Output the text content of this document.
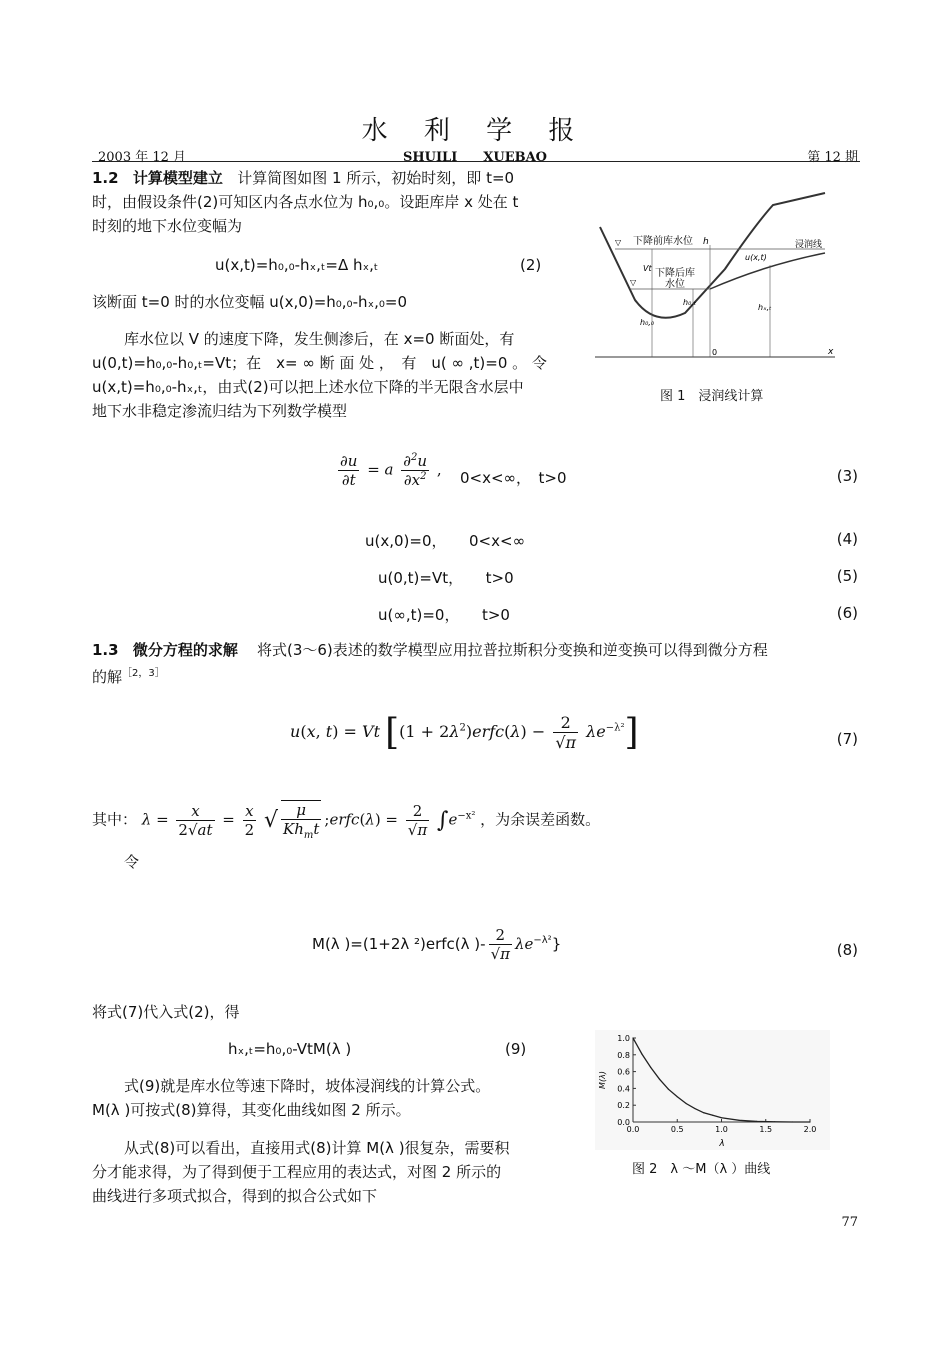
水 利 学 报
2003 年 12 月	SHUILI　　XUEBAO	第 12 期
1.2 计算模型建立 计算简图如图 1 所示，初始时刻，即 t=0
时，由假设条件(2)可知区内各点水位为 h₀,₀。设距库岸 x 处在 t
时刻的地下水位变幅为
u(x,t)=h₀,₀-hₓ,ₜ=Δ hₓ,ₜ	(2)
该断面 t=0 时的水位变幅 u(x,0)=h₀,₀-hₓ,₀=0
库水位以 V 的速度下降，发生侧渗后，在 x=0 断面处，有
u(0,t)=h₀,₀-h₀,ₜ=Vt；在　x= ∞ 断 面 处 ，　有　u( ∞ ,t)=0 。 令
u(x,t)=h₀,₀-hₓ,ₜ，由式(2)可以把上述水位下降的半无限含水层中
地下水非稳定渗流归结为下列数学模型
▽ 下降前库水位 h
▽
下降后库
水位
Vt
u(x,t)
浸润线
h₀,₀
h₀,ₜ
hₓ,ₜ
0	x
图 1　浸润线计算
$\frac{\partial u}{\partial t} = a \frac{\partial^2u}{\partial x^2}$ , 0<x<∞，　t>0	(3)
u(x,0)=0，　　0<x<∞	(4)
u(0,t)=Vt，　　t>0	(5)
u(∞,t)=0，　　t>0	(6)
1.3 微分方程的求解 将式(3～6)表述的数学模型应用拉普拉斯积分变换和逆变换可以得到微分方程
的解$^{[2,3]}$
u(x, t) = Vt $[(1 + 2\lambda^2)erfc(\lambda) - \frac{2}{√\pi} \lambda e^{-\lambda^2}]$	(7)
其中： $\lambda = \frac{x}{2√at} = \frac{x}{2}$ √ $\frac{\mu}{Kh_mt}$ ;erfc(λ) = $\frac{2}{√\pi} \int e^{-x^2}$ ，为余误差函数。
令
M(λ )=(1+2λ ²)erfc(λ )- $\frac{2}{√\pi} \lambda e^{-\lambda^2}$}	(8)
将式(7)代入式(2)，得
hₓ,ₜ=h₀,₀-VtM(λ )	(9)
式(9)就是库水位等速下降时，坡体浸润线的计算公式。
M(λ )可按式(8)算得，其变化曲线如图 2 所示。
从式(8)可以看出，直接用式(8)计算 M(λ )很复杂，需要积
分才能求得，为了得到便于工程应用的表达式，对图 2 所示的
曲线进行多项式拟合，得到的拟合公式如下
0.0	0.5	1.0	1.5	2.0
0.0
0.2
0.4
0.6
0.8
1.0
λ
M(λ)
图 2　λ ～M（λ ）曲线
77
